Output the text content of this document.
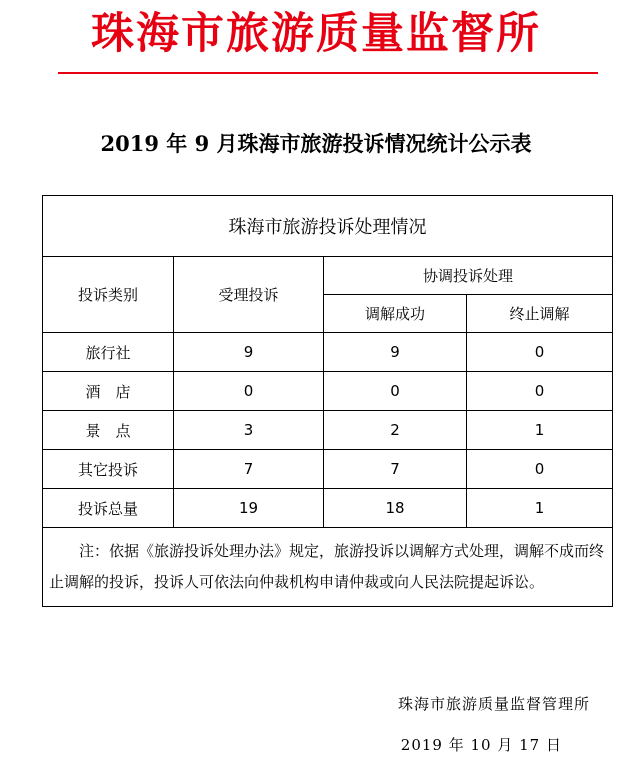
珠海市旅游质量监督所
2019 年 9 月珠海市旅游投诉情况统计公示表
珠海市旅游投诉处理情况			
投诉类别	受理投诉	协调投诉处理	
		调解成功	终止调解
旅行社	9	9	0
酒　店	0	0	0
景　点	3	2	1
其它投诉	7	7	0
投诉总量	19	18	1
注：依据《旅游投诉处理办法》规定，旅游投诉以调解方式处理，调解不成而终止调解的投诉，投诉人可依法向仲裁机构申请仲裁或向人民法院提起诉讼。			
珠海市旅游质量监督管理所
2019 年 10 月 17 日
